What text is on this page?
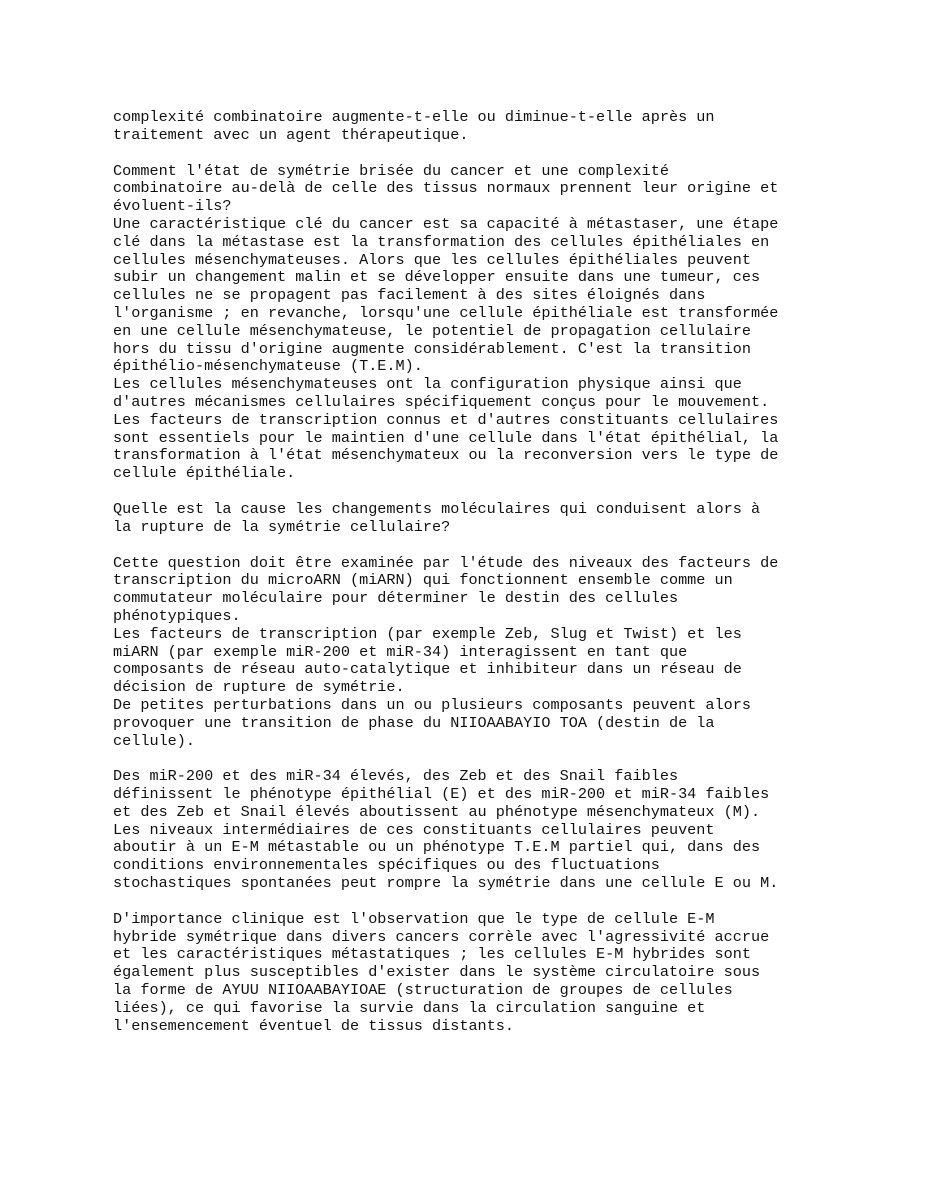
complexité combinatoire augmente-t-elle ou diminue-t-elle après un
traitement avec un agent thérapeutique.
Comment l'état de symétrie brisée du cancer et une complexité
combinatoire au-delà de celle des tissus normaux prennent leur origine et
évoluent-ils?
Une caractéristique clé du cancer est sa capacité à métastaser, une étape
clé dans la métastase est la transformation des cellules épithéliales en
cellules mésenchymateuses. Alors que les cellules épithéliales peuvent
subir un changement malin et se développer ensuite dans une tumeur, ces
cellules ne se propagent pas facilement à des sites éloignés dans
l'organisme ; en revanche, lorsqu'une cellule épithéliale est transformée
en une cellule mésenchymateuse, le potentiel de propagation cellulaire
hors du tissu d'origine augmente considérablement. C'est la transition
épithélio-mésenchymateuse (T.E.M).
Les cellules mésenchymateuses ont la configuration physique ainsi que
d'autres mécanismes cellulaires spécifiquement conçus pour le mouvement.
Les facteurs de transcription connus et d'autres constituants cellulaires
sont essentiels pour le maintien d'une cellule dans l'état épithélial, la
transformation à l'état mésenchymateux ou la reconversion vers le type de
cellule épithéliale.
Quelle est la cause les changements moléculaires qui conduisent alors à
la rupture de la symétrie cellulaire?
Cette question doit être examinée par l'étude des niveaux des facteurs de
transcription du microARN (miARN) qui fonctionnent ensemble comme un
commutateur moléculaire pour déterminer le destin des cellules
phénotypiques.
Les facteurs de transcription (par exemple Zeb, Slug et Twist) et les
miARN (par exemple miR-200 et miR-34) interagissent en tant que
composants de réseau auto-catalytique et inhibiteur dans un réseau de
décision de rupture de symétrie.
De petites perturbations dans un ou plusieurs composants peuvent alors
provoquer une transition de phase du NIIOAABAYIO TOA (destin de la
cellule).
Des miR-200 et des miR-34 élevés, des Zeb et des Snail faibles
définissent le phénotype épithélial (E) et des miR-200 et miR-34 faibles
et des Zeb et Snail élevés aboutissent au phénotype mésenchymateux (M).
Les niveaux intermédiaires de ces constituants cellulaires peuvent
aboutir à un E-M métastable ou un phénotype T.E.M partiel qui, dans des
conditions environnementales spécifiques ou des fluctuations
stochastiques spontanées peut rompre la symétrie dans une cellule E ou M.
D'importance clinique est l'observation que le type de cellule E-M
hybride symétrique dans divers cancers corrèle avec l'agressivité accrue
et les caractéristiques métastatiques ; les cellules E-M hybrides sont
également plus susceptibles d'exister dans le système circulatoire sous
la forme de AYUU NIIOAABAYIOAE (structuration de groupes de cellules
liées), ce qui favorise la survie dans la circulation sanguine et
l'ensemencement éventuel de tissus distants.
